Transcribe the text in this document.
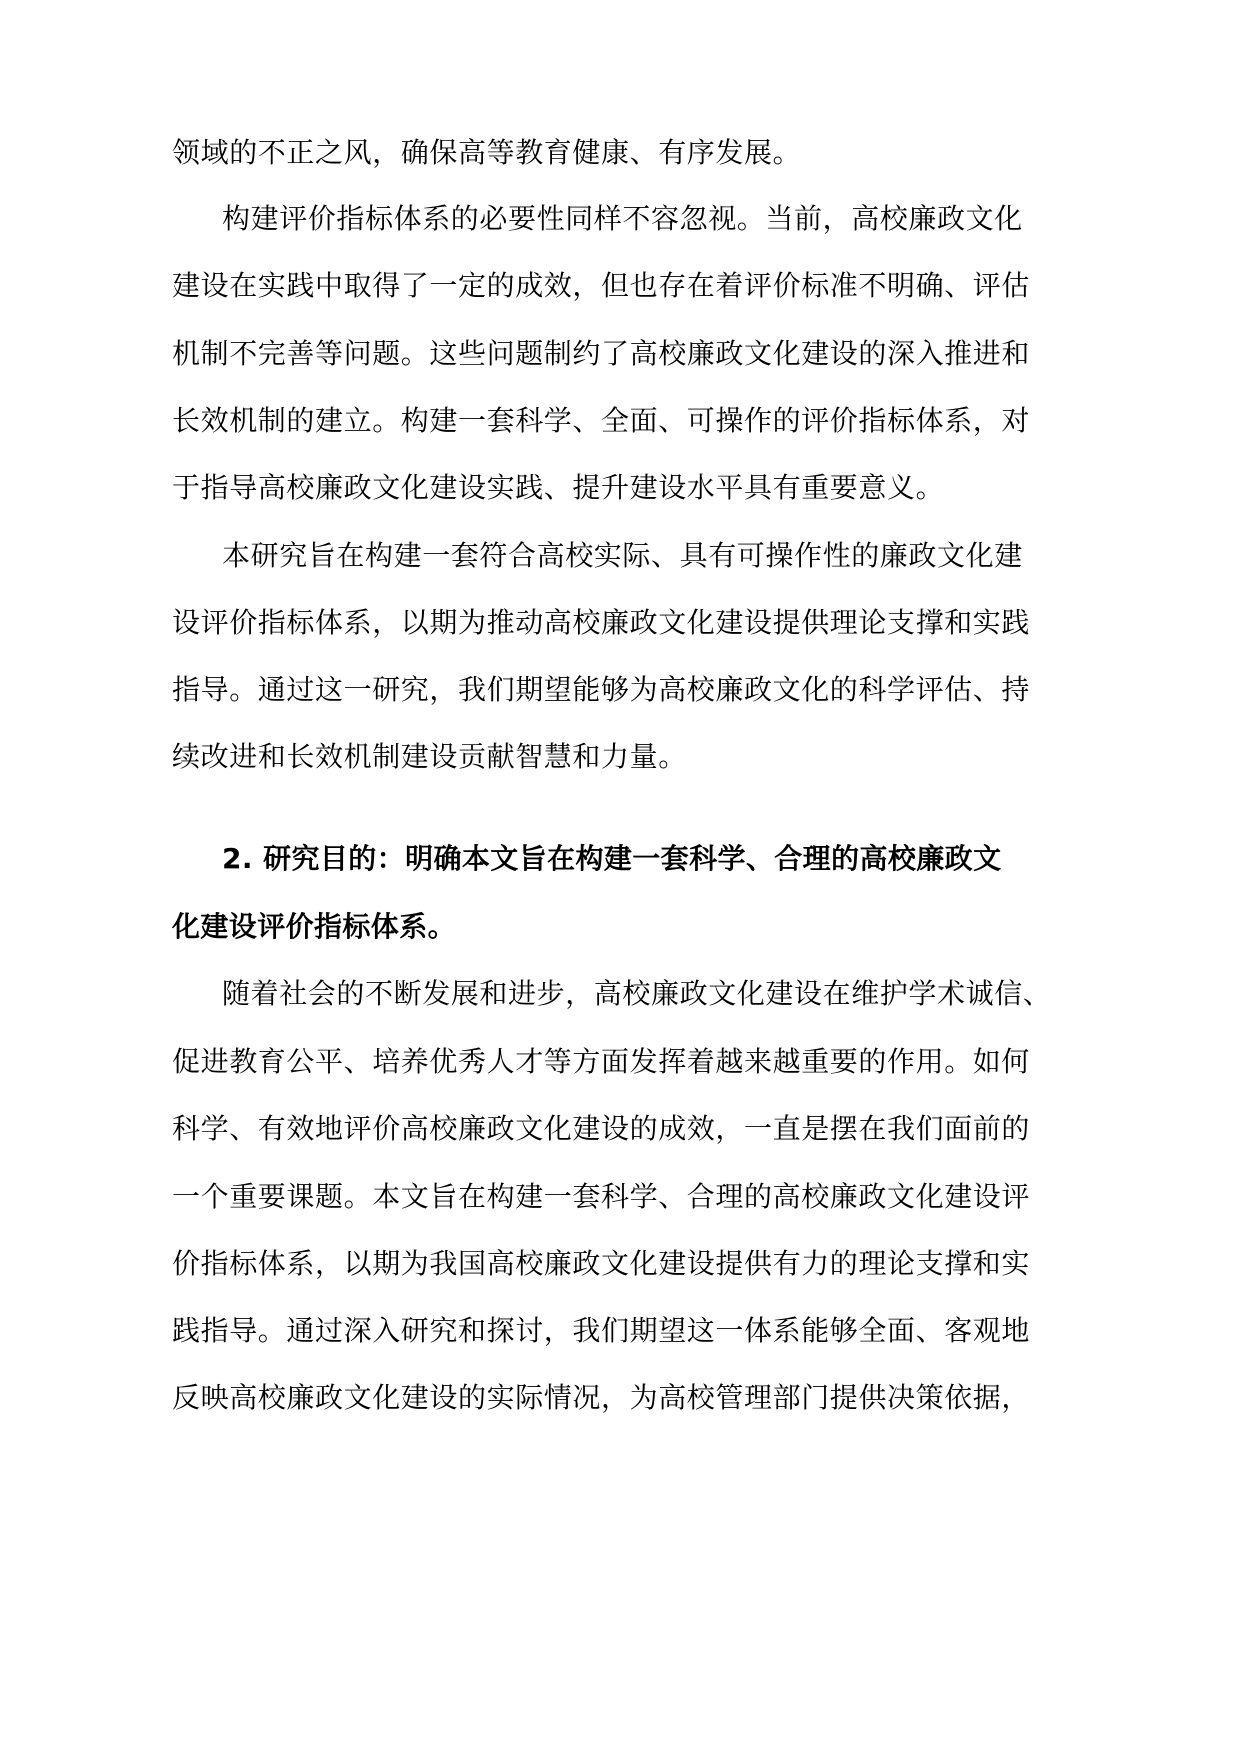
领域的不正之风，确保高等教育健康、有序发展。
构建评价指标体系的必要性同样不容忽视。当前，高校廉政文化
建设在实践中取得了一定的成效，但也存在着评价标准不明确、评估
机制不完善等问题。这些问题制约了高校廉政文化建设的深入推进和
长效机制的建立。构建一套科学、全面、可操作的评价指标体系，对
于指导高校廉政文化建设实践、提升建设水平具有重要意义。
本研究旨在构建一套符合高校实际、具有可操作性的廉政文化建
设评价指标体系，以期为推动高校廉政文化建设提供理论支撑和实践
指导。通过这一研究，我们期望能够为高校廉政文化的科学评估、持
续改进和长效机制建设贡献智慧和力量。
2. 研究目的：明确本文旨在构建一套科学、合理的高校廉政文
化建设评价指标体系。
随着社会的不断发展和进步，高校廉政文化建设在维护学术诚信、
促进教育公平、培养优秀人才等方面发挥着越来越重要的作用。如何
科学、有效地评价高校廉政文化建设的成效，一直是摆在我们面前的
一个重要课题。本文旨在构建一套科学、合理的高校廉政文化建设评
价指标体系，以期为我国高校廉政文化建设提供有力的理论支撑和实
践指导。通过深入研究和探讨，我们期望这一体系能够全面、客观地
反映高校廉政文化建设的实际情况，为高校管理部门提供决策依据，
